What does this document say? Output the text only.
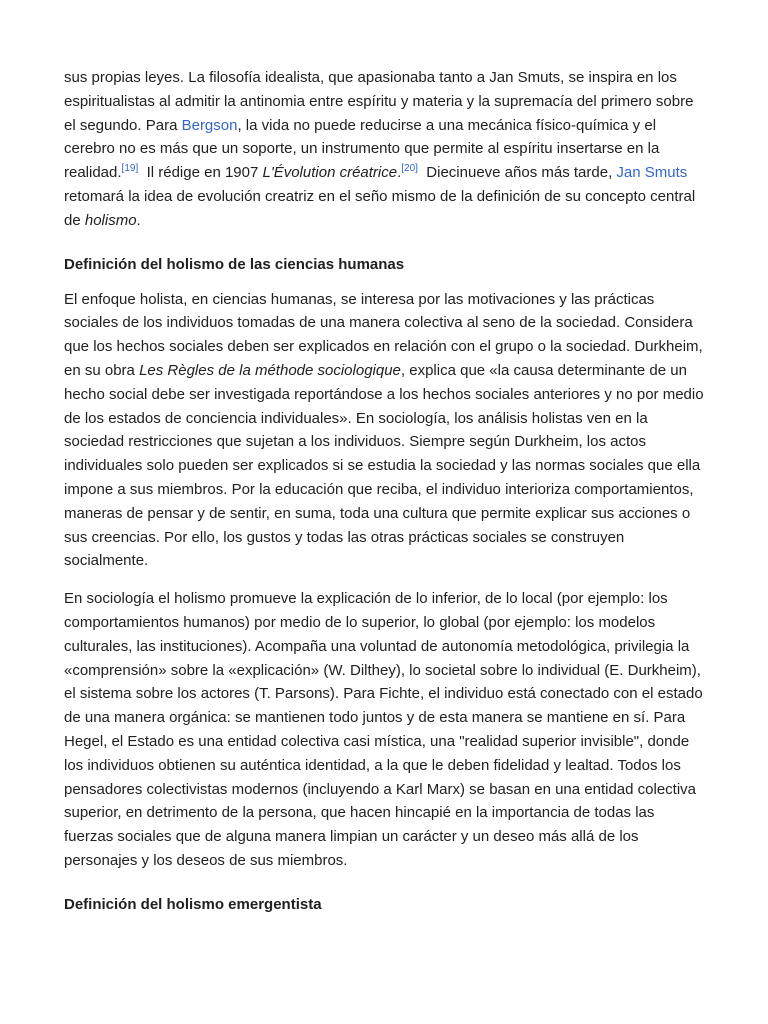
sus propias leyes. La filosofía idealista, que apasionaba tanto a Jan Smuts, se inspira en los espiritualistas al admitir la antinomia entre espíritu y materia y la supremacía del primero sobre el segundo. Para Bergson, la vida no puede reducirse a una mecánica físico-química y el cerebro no es más que un soporte, un instrumento que permite al espíritu insertarse en la realidad.[19]  Il rédige en 1907 L'Évolution créatrice.[20]  Diecinueve años más tarde, Jan Smuts retomará la idea de evolución creatriz en el seño mismo de la definición de su concepto central de holismo.

Definición del holismo de las ciencias humanas

El enfoque holista, en ciencias humanas, se interesa por las motivaciones y las prácticas sociales de los individuos tomadas de una manera colectiva al seno de la sociedad. Considera que los hechos sociales deben ser explicados en relación con el grupo o la sociedad. Durkheim, en su obra Les Règles de la méthode sociologique, explica que «la causa determinante de un hecho social debe ser investigada reportándose a los hechos sociales anteriores y no por medio de los estados de conciencia individuales». En sociología, los análisis holistas ven en la sociedad restricciones que sujetan a los individuos. Siempre según Durkheim, los actos individuales solo pueden ser explicados si se estudia la sociedad y las normas sociales que ella impone a sus miembros. Por la educación que reciba, el individuo interioriza comportamientos, maneras de pensar y de sentir, en suma, toda una cultura que permite explicar sus acciones o sus creencias. Por ello, los gustos y todas las otras prácticas sociales se construyen socialmente.

En sociología el holismo promueve la explicación de lo inferior, de lo local (por ejemplo: los comportamientos humanos) por medio de lo superior, lo global (por ejemplo: los modelos culturales, las instituciones). Acompaña una voluntad de autonomía metodológica, privilegia la «comprensión» sobre la «explicación» (W. Dilthey), lo societal sobre lo individual (E. Durkheim), el sistema sobre los actores (T. Parsons). Para Fichte, el individuo está conectado con el estado de una manera orgánica: se mantienen todo juntos y de esta manera se mantiene en sí. Para Hegel, el Estado es una entidad colectiva casi mística, una "realidad superior invisible", donde los individuos obtienen su auténtica identidad, a la que le deben fidelidad y lealtad. Todos los pensadores colectivistas modernos (incluyendo a Karl Marx) se basan en una entidad colectiva superior, en detrimento de la persona, que hacen hincapié en la importancia de todas las fuerzas sociales que de alguna manera limpian un carácter y un deseo más allá de los personajes y los deseos de sus miembros.

Definición del holismo emergentista
